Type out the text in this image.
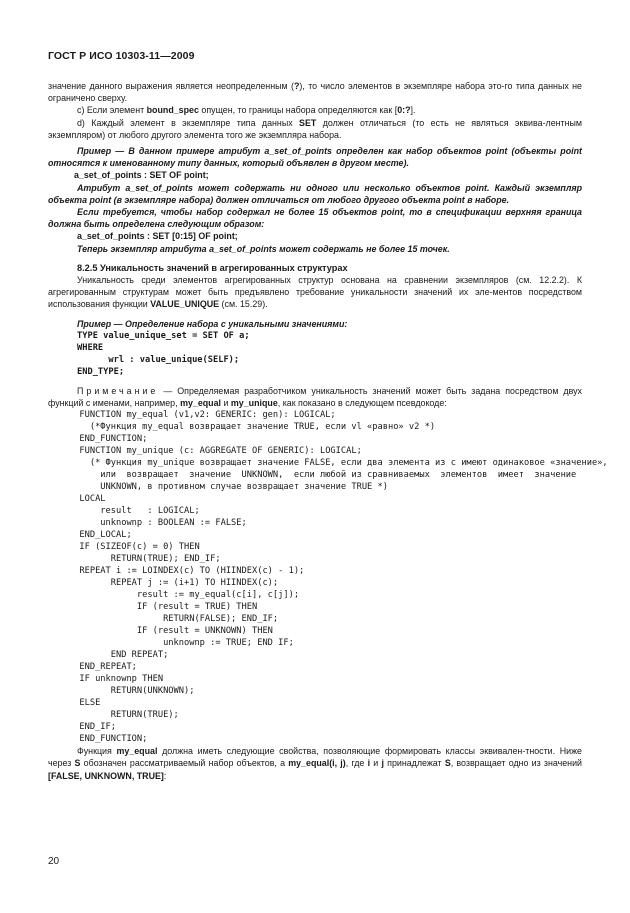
ГОСТ Р ИСО 10303-11—2009

значение данного выражения является неопределенным (?), то число элементов в экземпляре набора это-го типа данных не ограничено сверху.

c) Если элемент bound_spec опущен, то границы набора определяются как [0:?].

d) Каждый элемент в экземпляре типа данных SET должен отличаться (то есть не являться эквива-лентным экземпляром) от любого другого элемента того же экземпляра набора.

Пример — В данном примере атрибут a_set_of_points определен как набор объектов point (объекты point относятся к именованному типу данных, который объявлен в другом месте).

a_set_of_points : SET OF point;

Атрибут a_set_of_points может содержать ни одного или несколько объектов point. Каждый экземпляр объекта point (в экземпляре набора) должен отличаться от любого другого объекта point в наборе.

Если требуется, чтобы набор содержал не более 15 объектов point, то в спецификации верхняя граница должна быть определена следующим образом:

a_set_of_points : SET [0:15] OF point;

Теперь экземпляр атрибута a_set_of_points может содержать не более 15 точек.

8.2.5 Уникальность значений в агрегированных структурах

Уникальность среди элементов агрегированных структур основана на сравнении экземпляров (см. 12.2.2). К агрегированным структурам может быть предъявлено требование уникальности значений их эле-ментов посредством использования функции VALUE_UNIQUE (см. 15.29).

Пример — Определение набора с уникальными значениями:

TYPE value_unique_set = SET OF a;
WHERE
wrl : value_unique(SELF);
END_TYPE;

Примечание — Определяемая разработчиком уникальность значений может быть задана посредством двух функций с именами, например, my_equal и my_unique, как показано в следующем псевдокоде:

FUNCTION my_equal (v1,v2: GENERIC: gen): LOGICAL;
(*Функция my_equal возвращает значение TRUE, если vl «равно» v2 *)
END_FUNCTION;
FUNCTION my_unique (c: AGGREGATE OF GENERIC): LOGICAL;
(* Функция my_unique возвращает значение FALSE, если два элемента из c имеют одинаковое «значение»,
или  возвращает  значение  UNKNOWN,  если любой из сравниваемых  элементов  имеет  значение
UNKNOWN, в противном случае возвращает значение TRUE *)
LOCAL
result   : LOGICAL;
unknownp : BOOLEAN := FALSE;
END_LOCAL;
IF (SIZEOF(c) = 0) THEN
RETURN(TRUE); END_IF;
REPEAT i := LOINDEX(c) TO (HIINDEX(c) - 1);
REPEAT j := (i+1) TO HIINDEX(c);
result := my_equal(c[i], c[j]);
IF (result = TRUE) THEN
RETURN(FALSE); END_IF;
IF (result = UNKNOWN) THEN
unknownp := TRUE; END IF;
END REPEAT;
END_REPEAT;
IF unknownp THEN
RETURN(UNKNOWN);
ELSE
RETURN(TRUE);
END_IF;
END_FUNCTION;

Функция my_equal должна иметь следующие свойства, позволяющие формировать классы эквивален-тности. Ниже через S обозначен рассматриваемый набор объектов, а my_equal(i, j), где i и j принадлежат S, возвращает одно из значений [FALSE, UNKNOWN, TRUE]:

20
